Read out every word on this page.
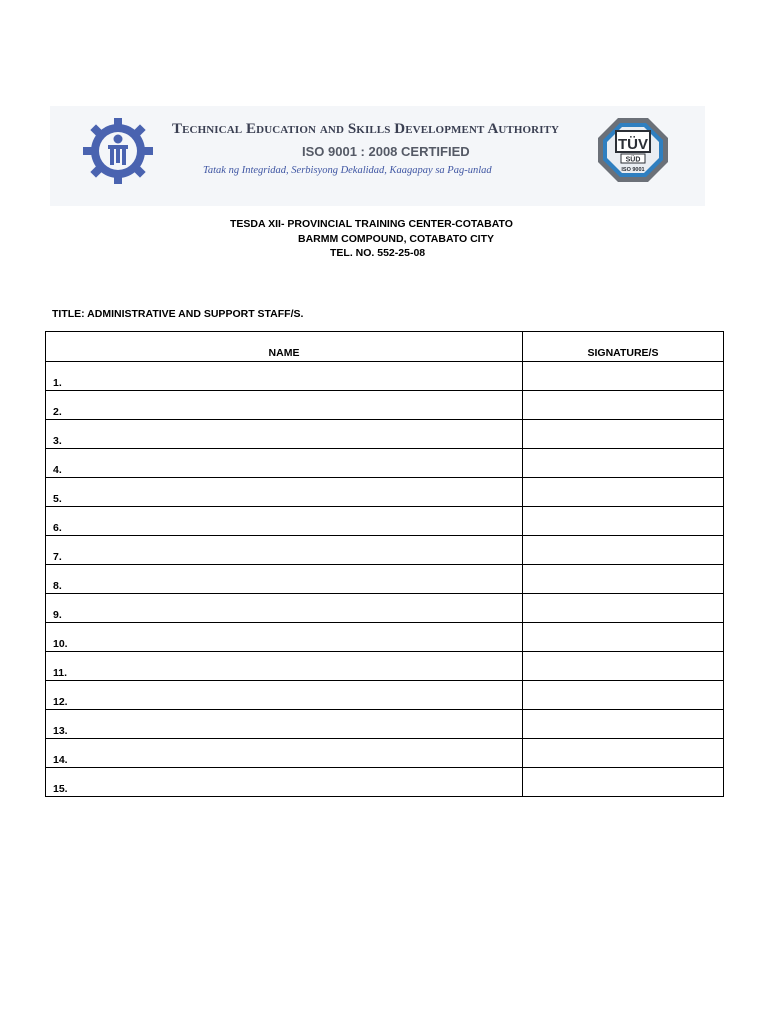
Technical Education and Skills Development Authority
ISO 9001 : 2008 CERTIFIED
Tatak ng Integridad, Serbisyong Dekalidad, Kaagapay sa Pag-unlad
TÜV
SÜD
ISO 9001
TESDA XII- PROVINCIAL TRAINING CENTER-COTABATO
BARMM COMPOUND, COTABATO CITY
TEL. NO. 552-25-08
TITLE: ADMINISTRATIVE AND SUPPORT STAFF/S.
NAME	SIGNATURE/S
1.	
2.	
3.	
4.	
5.	
6.	
7.	
8.	
9.	
10.	
11.	
12.	
13.	
14.	
15.	
